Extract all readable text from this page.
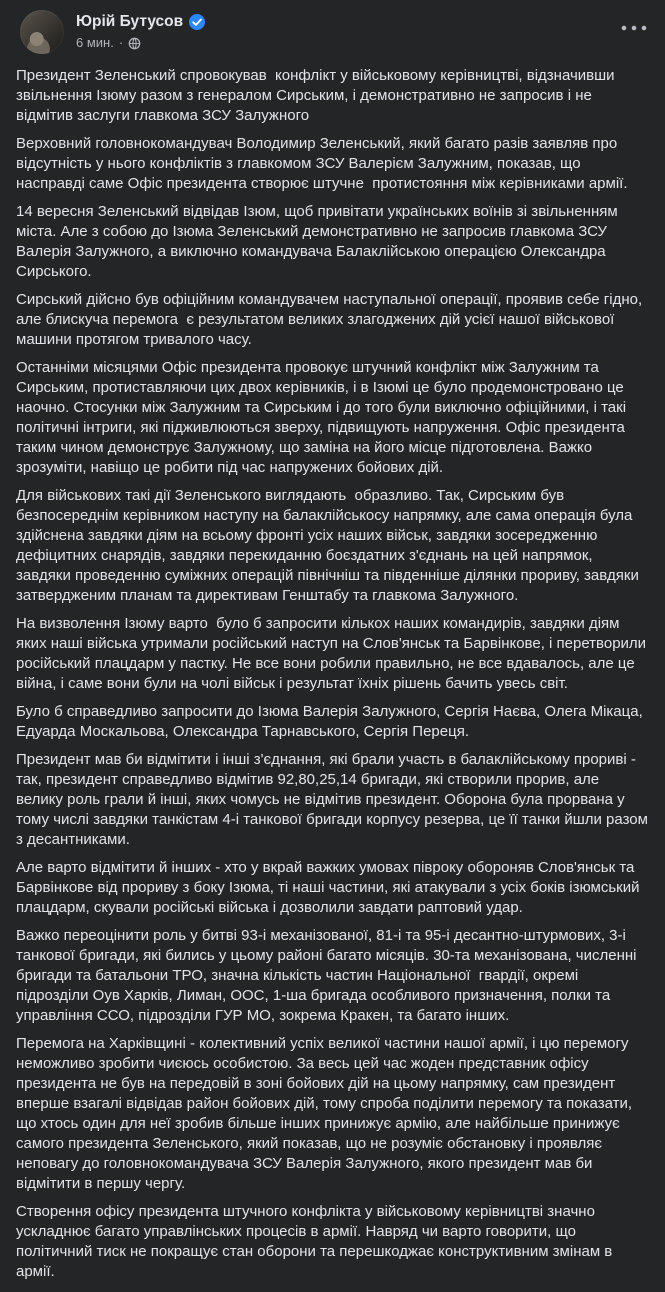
Юрій Бутусов
6 мин. ·

Президент Зеленський спровокував  конфлікт у військовому керівництві, відзначивши звільнення Ізюму разом з генералом Сирським, і демонстративно не запросив і не відмітив заслуги главкома ЗСУ Залужного

Верховний головнокомандувач Володимир Зеленський, який багато разів заявляв про відсутність у нього конфліктів з главкомом ЗСУ Валерієм Залужним, показав, що насправді саме Офіс президента створює штучне  протистояння між керівниками армії.

14 вересня Зеленський відвідав Ізюм, щоб привітати українських воїнів зі звільненням міста. Але з собою до Ізюма Зеленський демонстративно не запросив главкома ЗСУ Валерія Залужного, а виключно командувача Балаклійською операцією Олександра Сирського.

Сирський дійсно був офіційним командувачем наступальної операції, проявив себе гідно, але блискуча перемога  є результатом великих злагоджених дій усієї нашої військової машини протягом тривалого часу.

Останніми місяцями Офіс президента провокує штучний конфлікт між Залужним та Сирським, протиставляючи цих двох керівників, і в Ізюмі це було продемонстровано це наочно. Стосунки між Залужним та Сирським і до того були виключно офіційними, і такі політичні інтриги, які підживлюються зверху, підвищують напруження. Офіс президента таким чином демонструє Залужному, що заміна на його місце підготовлена. Важко зрозуміти, навіщо це робити під час напружених бойових дій.

Для військових такі дії Зеленського виглядають  образливо. Так, Сирським був безпосереднім керівником наступу на балаклійськосу напрямку, але сама операція була здійснена завдяки діям на всьому фронті усіх наших військ, завдяки зосередженню дефіцитних снарядів, завдяки перекиданню боєздатних з'єднань на цей напрямок, завдяки проведенню суміжних операцій північніш та південніше ділянки прориву, завдяки затвердженим планам та директивам Генштабу та главкома Залужного.

На визволення Ізюму варто  було б запросити кількох наших командирів, завдяки діям яких наші війська утримали російський наступ на Слов'янськ та Барвінкове, і перетворили російський плацдарм у пастку. Не все вони робили правильно, не все вдавалось, але це війна, і саме вони були на чолі військ і результат їхніх рішень бачить увесь світ.

Було б справедливо запросити до Ізюма Валерія Залужного, Сергія Наєва, Олега Мікаца, Едуарда Москальова, Олександра Тарнавського, Сергія Переця.

Президент мав би відмітити і інші з'єднання, які брали участь в балаклійському прориві - так, президент справедливо відмітив 92,80,25,14 бригади, які створили прорив, але велику роль грали й інші, яких чомусь не відмітив президент. Оборона була прорвана у тому числі завдяки танкістам 4-і танкової бригади корпусу резерва, це її танки йшли разом з десантниками.

Але варто відмітити й інших - хто у вкрай важких умовах півроку обороняв Слов'янськ та Барвінкове від прориву з боку Ізюма, ті наші частини, які атакували з усіх боків ізюмський плацдарм, скували російські війська і дозволили завдати раптовий удар.

Важко переоцінити роль у битві 93-і механізованої, 81-і та 95-і десантно-штурмових, 3-і танкової бригади, які бились у цьому районі багато місяців. 30-та механізована, численні бригади та батальони ТРО, значна кількість частин Національної  гвардії, окремі підрозділи Оув Харків, Лиман, ООС, 1-ша бригада особливого призначення, полки та управління ССО, підрозділи ГУР МО, зокрема Кракен, та багато інших.

Перемога на Харківщині - колективний успіх великої частини нашої армії, і цю перемогу неможливо зробити чиєюсь особистою. За весь цей час жоден представник офісу президента не був на передовій в зоні бойових дій на цьому напрямку, сам президент вперше взагалі відвідав район бойових дій, тому спроба поділити перемогу та показати, що хтось один для неї зробив більше інших принижує армію, але найбільше принижує самого президента Зеленського, який показав, що не розуміє обстановку і проявляє неповагу до головнокомандувача ЗСУ Валерія Залужного, якого президент мав би відмітити в першу чергу.

Створення офісу президента штучного конфлікта у військовому керівництві значно ускладнює багато управлінських процесів в армії. Навряд чи варто говорити, що політичний тиск не покращує стан оборони та перешкоджає конструктивним змінам в армії.
